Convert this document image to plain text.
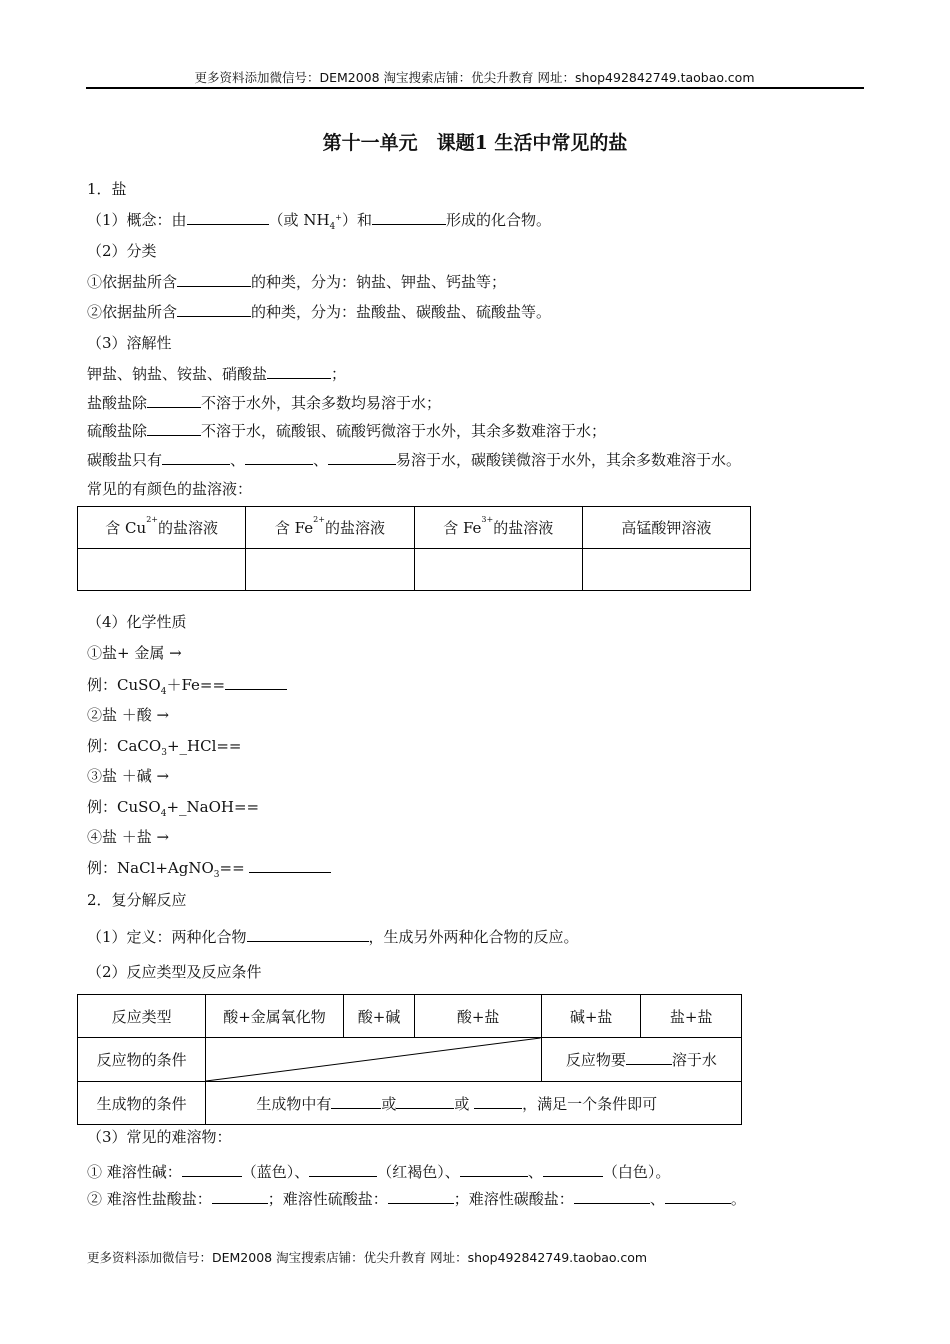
更多资料添加微信号：DEM2008 淘宝搜索店铺：优尖升教育 网址：shop492842749.taobao.com
第十一单元　课题1 生活中常见的盐
1．盐
（1）概念：由	（或 $NH_4^+$）和	形成的化合物。
（2）分类
①依据盐所含	的种类，分为：钠盐、钾盐、钙盐等；
②依据盐所含	的种类，分为：盐酸盐、碳酸盐、硫酸盐等。
（3）溶解性
钾盐、钠盐、铵盐、硝酸盐	；
盐酸盐除	不溶于水外，其余多数均易溶于水；
硫酸盐除	不溶于水，硫酸银、硫酸钙微溶于水外，其余多数难溶于水；
碳酸盐只有	、	、	易溶于水，碳酸镁微溶于水外，其余多数难溶于水。
常见的有颜色的盐溶液：
含 $Cu^{2+}$的盐溶液	含 $Fe^{2+}$的盐溶液	含 $Fe^{3+}$的盐溶液	高锰酸钾溶液

（4）化学性质
①盐+ 金属 →
例：CuSO$_4$＋Fe==
②盐 ＋酸 →
例：CaCO$_3$+_HCl==
③盐 ＋碱 →
例：CuSO$_4$+_NaOH==
④盐 ＋盐 →
例：NaCl+AgNO$_3$==
2．复分解反应
（1）定义：两种化合物	，生成另外两种化合物的反应。
（2）反应类型及反应条件
反应类型	酸+金属氧化物	酸+碱	酸+盐	碱+盐	盐+盐
反应物的条件				反应物要 溶于水	
生成物的条件	生成物中有 或 或 ，满足一个条件即可				
（3）常见的难溶物：
① 难溶性碱：	（蓝色）、	（红褐色）、	、	（白色）。
② 难溶性盐酸盐：	；难溶性硫酸盐：	；难溶性碳酸盐：	、	。
更多资料添加微信号：DEM2008 淘宝搜索店铺：优尖升教育 网址：shop492842749.taobao.com
